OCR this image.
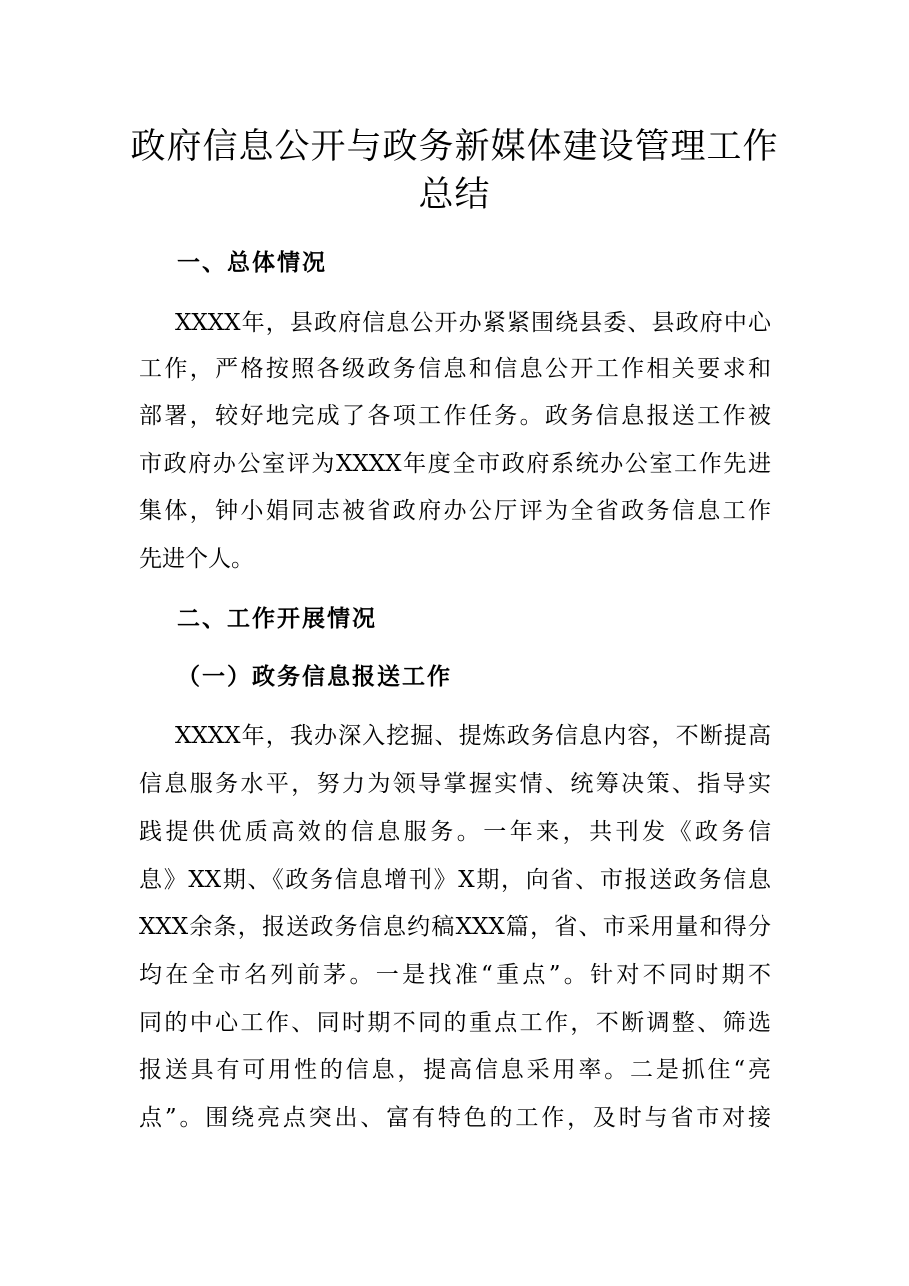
政府信息公开与政务新媒体建设管理工作
总结
一、总体情况
XXXX年，县政府信息公开办紧紧围绕县委、县政府中心
工作，严格按照各级政务信息和信息公开工作相关要求和
部署，较好地完成了各项工作任务。政务信息报送工作被
市政府办公室评为XXXX年度全市政府系统办公室工作先进
集体，钟小娟同志被省政府办公厅评为全省政务信息工作
先进个人。
二、工作开展情况
（一）政务信息报送工作
XXXX年，我办深入挖掘、提炼政务信息内容，不断提高
信息服务水平，努力为领导掌握实情、统筹决策、指导实
践提供优质高效的信息服务。一年来，共刊发《政务信
息》XX期、《政务信息增刊》X期，向省、市报送政务信息
XXX余条，报送政务信息约稿XXX篇，省、市采用量和得分
均在全市名列前茅。一是找准“重点”。针对不同时期不
同的中心工作、同时期不同的重点工作，不断调整、筛选
报送具有可用性的信息，提高信息采用率。二是抓住“亮
点”。围绕亮点突出、富有特色的工作，及时与省市对接
